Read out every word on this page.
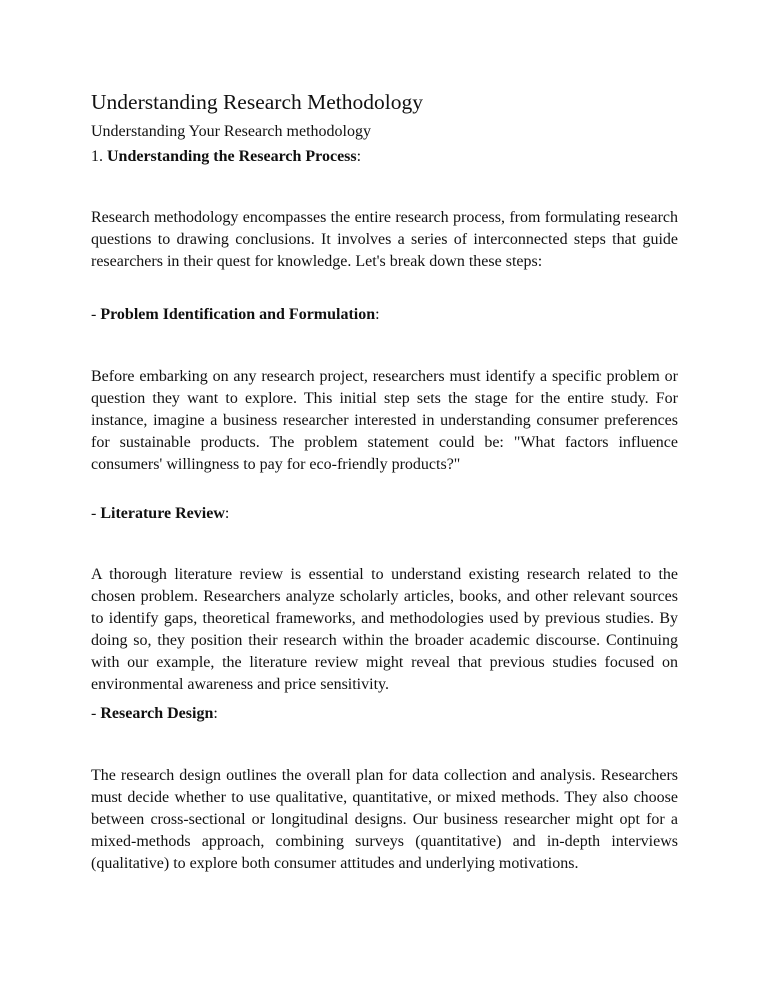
Understanding Research Methodology
Understanding Your Research methodology
1. Understanding the Research Process:

Research methodology encompasses the entire research process, from formulating research questions to drawing conclusions. It involves a series of interconnected steps that guide researchers in their quest for knowledge. Let's break down these steps:

- Problem Identification and Formulation:

Before embarking on any research project, researchers must identify a specific problem or question they want to explore. This initial step sets the stage for the entire study. For instance, imagine a business researcher interested in understanding consumer preferences for sustainable products. The problem statement could be: "What factors influence consumers' willingness to pay for eco-friendly products?"

- Literature Review:

A thorough literature review is essential to understand existing research related to the chosen problem. Researchers analyze scholarly articles, books, and other relevant sources to identify gaps, theoretical frameworks, and methodologies used by previous studies. By doing so, they position their research within the broader academic discourse. Continuing with our example, the literature review might reveal that previous studies focused on environmental awareness and price sensitivity.

- Research Design:

The research design outlines the overall plan for data collection and analysis. Researchers must decide whether to use qualitative, quantitative, or mixed methods. They also choose between cross-sectional or longitudinal designs. Our business researcher might opt for a mixed-methods approach, combining surveys (quantitative) and in-depth interviews (qualitative) to explore both consumer attitudes and underlying motivations.
